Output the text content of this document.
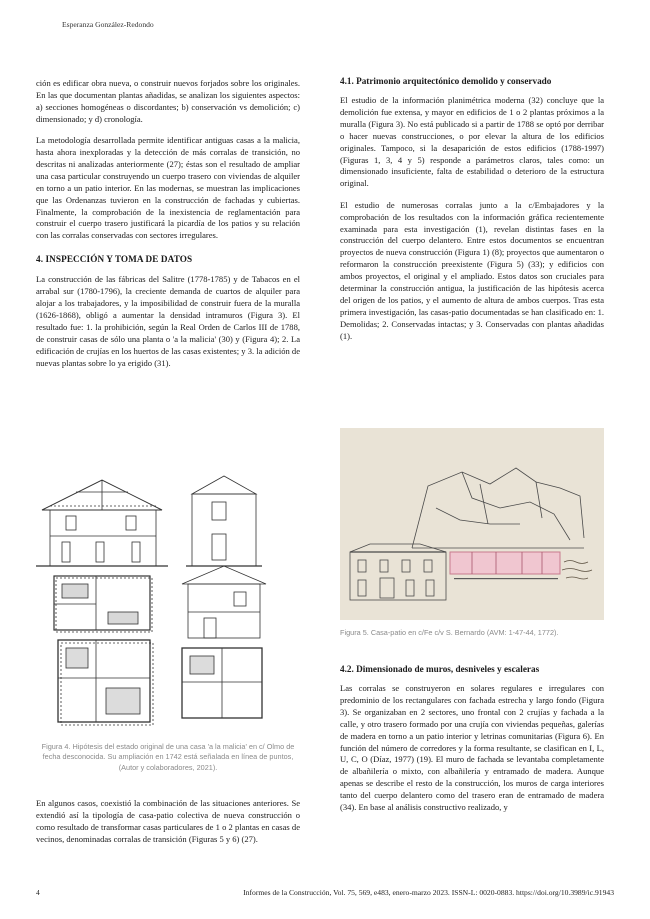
Esperanza González-Redondo

ción es edificar obra nueva, o construir nuevos forjados sobre los originales. En las que documentan plantas añadidas, se analizan los siguientes aspectos: a) secciones homogéneas o discordantes; b) conservación vs demolición; c) dimensionado; y d) cronología.

La metodología desarrollada permite identificar antiguas casas a la malicia, hasta ahora inexploradas y la detección de más corralas de transición, no descritas ni analizadas anteriormente (27); éstas son el resultado de ampliar una casa particular construyendo un cuerpo trasero con viviendas de alquiler en torno a un patio interior. En las modernas, se muestran las implicaciones que las Ordenanzas tuvieron en la construcción de fachadas y cubiertas. Finalmente, la comprobación de la inexistencia de reglamentación para construir el cuerpo trasero justificará la picardía de los patios y su relación con las corralas conservadas con sectores irregulares.

4. INSPECCIÓN Y TOMA DE DATOS

La construcción de las fábricas del Salitre (1778-1785) y de Tabacos en el arrabal sur (1780-1796), la creciente demanda de cuartos de alquiler para alojar a los trabajadores, y la imposibilidad de construir fuera de la muralla (1626-1868), obligó a aumentar la densidad intramuros (Figura 3). El resultado fue: 1. la prohibición, según la Real Orden de Carlos III de 1788, de construir casas de sólo una planta o 'a la malicia' (30) y (Figura 4); 2. La edificación de crujías en los huertos de las casas existentes; y 3. la adición de nuevas plantas sobre lo ya erigido (31).

Figura 4. Hipótesis del estado original de una casa 'a la malicia' en c/ Olmo de fecha desconocida. Su ampliación en 1742 está señalada en línea de puntos, (Autor y colaboradores, 2021).

En algunos casos, coexistió la combinación de las situaciones anteriores. Se extendió así la tipología de casa-patio colectiva de nueva construcción o como resultado de transformar casas particulares de 1 o 2 plantas en casas de vecinos, denominadas corralas de transición (Figuras 5 y 6) (27).

4.1. Patrimonio arquitectónico demolido y conservado

El estudio de la información planimétrica moderna (32) concluye que la demolición fue extensa, y mayor en edificios de 1 o 2 plantas próximos a la muralla (Figura 3). No está publicado si a partir de 1788 se optó por derribar o hacer nuevas construcciones, o por elevar la altura de los edificios originales. Tampoco, si la desaparición de estos edificios (1788-1997) (Figuras 1, 3, 4 y 5) responde a parámetros claros, tales como: un dimensionado insuficiente, falta de estabilidad o deterioro de la estructura original.

El estudio de numerosas corralas junto a la c/Embajadores y la comprobación de los resultados con la información gráfica recientemente examinada para esta investigación (1), revelan distintas fases en la construcción del cuerpo delantero. Entre estos documentos se encuentran proyectos de nueva construcción (Figura 1) (8); proyectos que aumentaron o reformaron la construcción preexistente (Figura 5) (33); y edificios con ambos proyectos, el original y el ampliado. Estos datos son cruciales para determinar la construcción antigua, la justificación de las hipótesis acerca del origen de los patios, y el aumento de altura de ambos cuerpos. Tras esta primera investigación, las casas-patio documentadas se han clasificado en: 1. Demolidas; 2. Conservadas intactas; y 3. Conservadas con plantas añadidas (1).

Figura 5. Casa-patio en c/Fe c/v S. Bernardo (AVM: 1-47-44, 1772).

4.2. Dimensionado de muros, desniveles y escaleras

Las corralas se construyeron en solares regulares e irregulares con predominio de los rectangulares con fachada estrecha y largo fondo (Figura 3). Se organizaban en 2 sectores, uno frontal con 2 crujías y fachada a la calle, y otro trasero formado por una crujía con viviendas pequeñas, galerías de madera en torno a un patio interior y letrinas comunitarias (Figura 6). En función del número de corredores y la forma resultante, se clasifican en I, L, U, C, O (Díaz, 1977) (19). El muro de fachada se levantaba completamente de albañilería o mixto, con albañilería y entramado de madera. Aunque apenas se describe el resto de la construcción, los muros de carga interiores tanto del cuerpo delantero como del trasero eran de entramado de madera (34). En base al análisis constructivo realizado, y

4	Informes de la Construcción, Vol. 75, 569, e483, enero-marzo 2023. ISSN-L: 0020-0883. https://doi.org/10.3989/ic.91943
